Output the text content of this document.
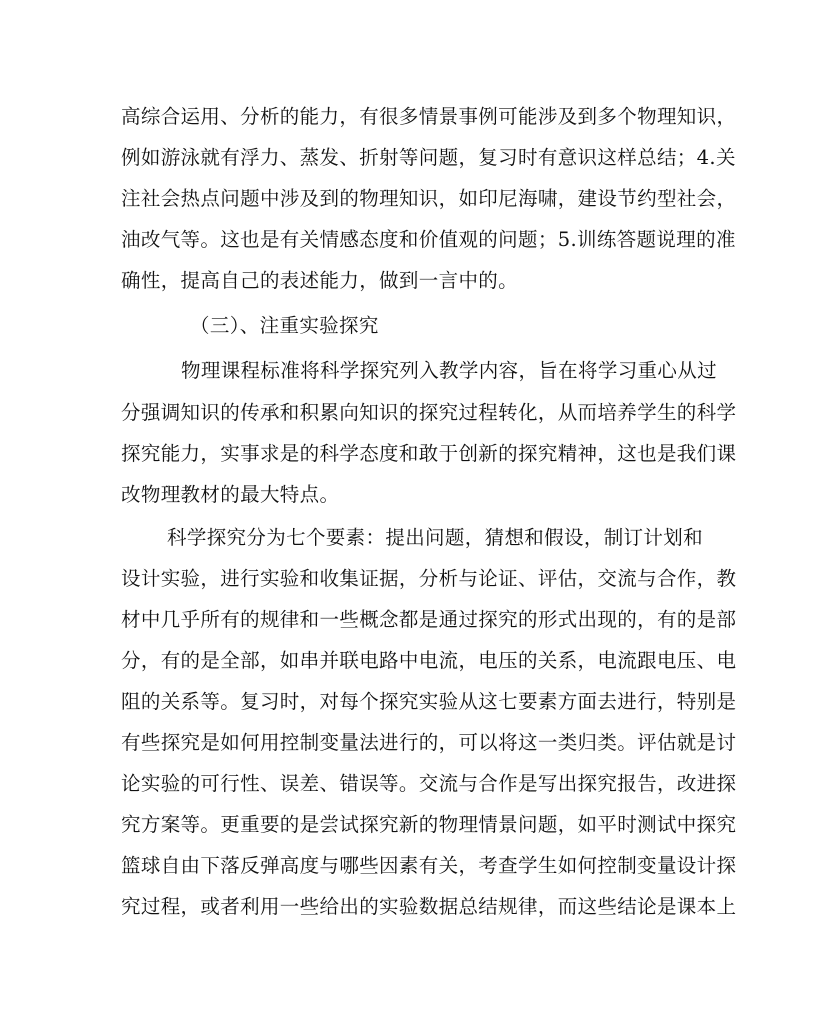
高综合运用、分析的能力，有很多情景事例可能涉及到多个物理知识，
例如游泳就有浮力、蒸发、折射等问题，复习时有意识这样总结；4.关
注社会热点问题中涉及到的物理知识，如印尼海啸，建设节约型社会，
油改气等。这也是有关情感态度和价值观的问题；5.训练答题说理的准
确性，提高自己的表述能力，做到一言中的。
（三）、注重实验探究
物理课程标准将科学探究列入教学内容，旨在将学习重心从过
分强调知识的传承和积累向知识的探究过程转化，从而培养学生的科学
探究能力，实事求是的科学态度和敢于创新的探究精神，这也是我们课
改物理教材的最大特点。
科学探究分为七个要素：提出问题，猜想和假设，制订计划和
设计实验，进行实验和收集证据，分析与论证、评估，交流与合作，教
材中几乎所有的规律和一些概念都是通过探究的形式出现的，有的是部
分，有的是全部，如串并联电路中电流，电压的关系，电流跟电压、电
阻的关系等。复习时，对每个探究实验从这七要素方面去进行，特别是
有些探究是如何用控制变量法进行的，可以将这一类归类。评估就是讨
论实验的可行性、误差、错误等。交流与合作是写出探究报告，改进探
究方案等。更重要的是尝试探究新的物理情景问题，如平时测试中探究
篮球自由下落反弹高度与哪些因素有关，考查学生如何控制变量设计探
究过程，或者利用一些给出的实验数据总结规律，而这些结论是课本上
